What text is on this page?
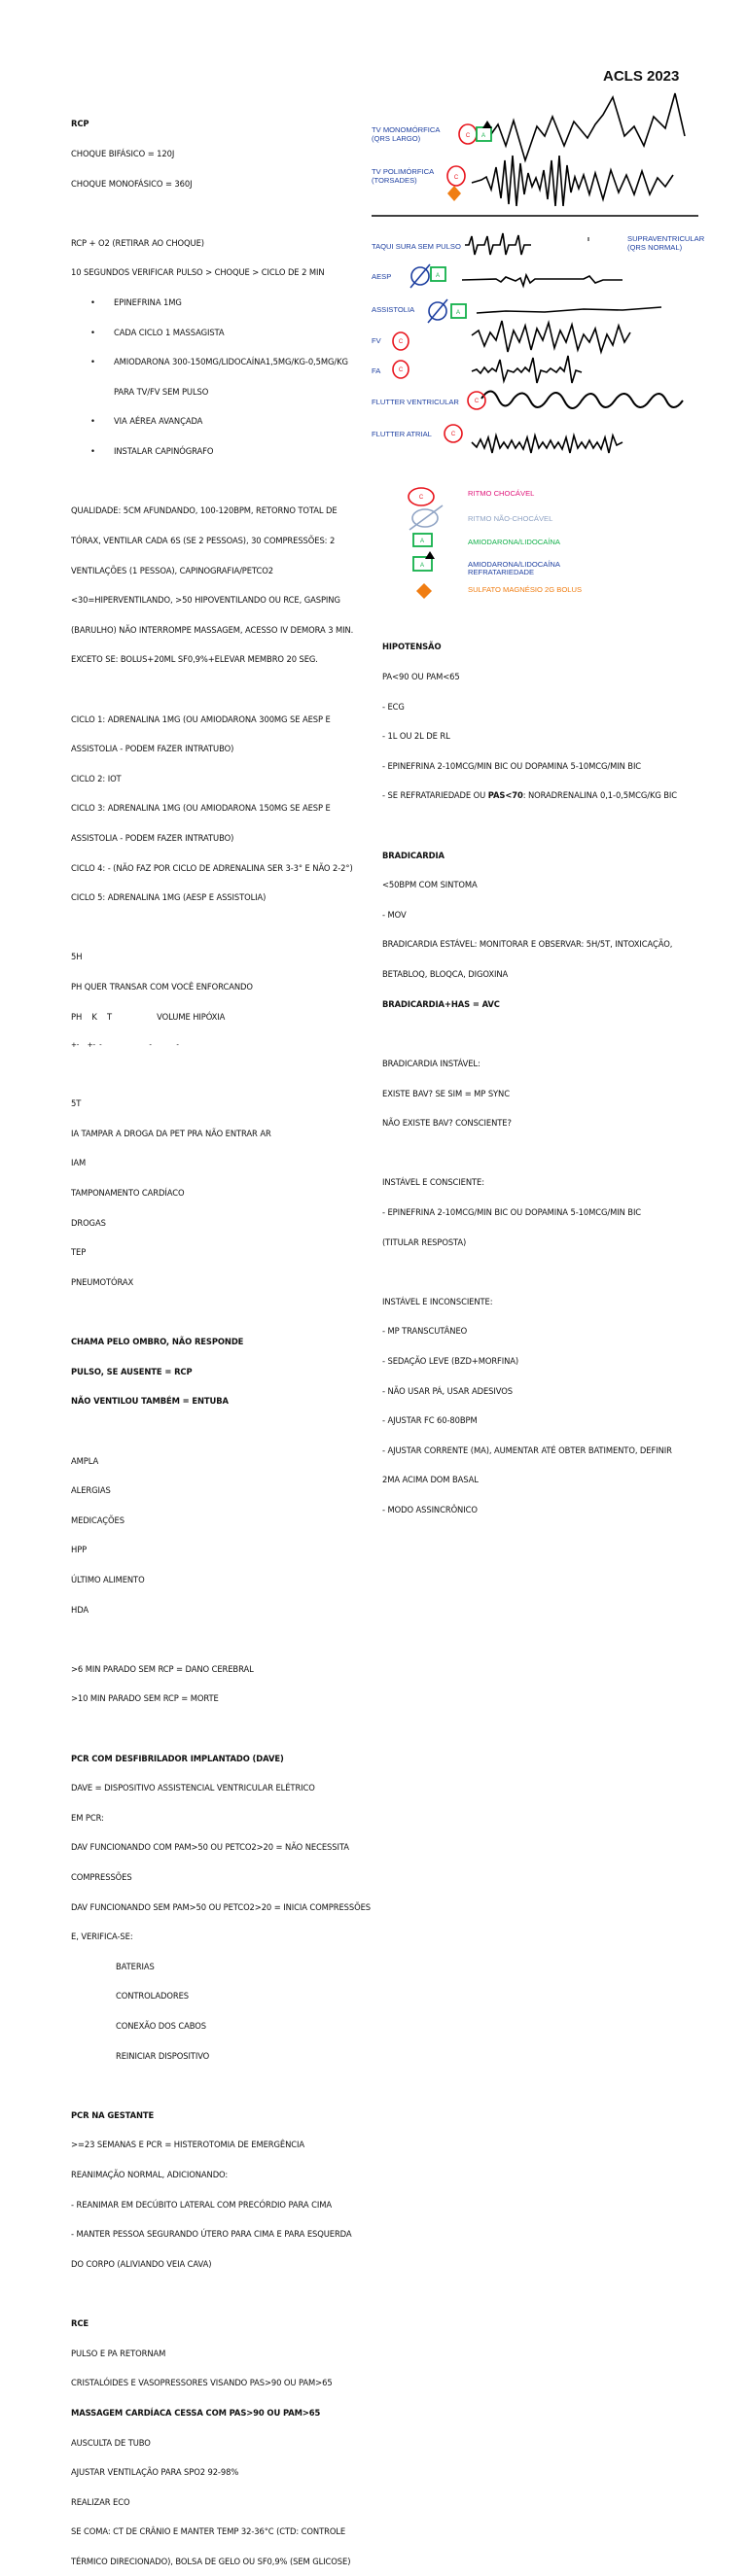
ACLS 2023

RCP

CHOQUE BIFÁSICO = 120J

CHOQUE MONOFÁSICO = 360J

RCP + O2 (RETIRAR AO CHOQUE)

10 SEGUNDOS VERIFICAR PULSO > CHOQUE > CICLO DE 2 MIN

• EPINEFRINA 1MG

• CADA CICLO 1 MASSAGISTA

• AMIODARONA 300-150MG/LIDOCAÍNA1,5MG/KG-0,5MG/KG

PARA TV/FV SEM PULSO

• VIA AÉREA AVANÇADA

• INSTALAR CAPINÓGRAFO

QUALIDADE: 5CM AFUNDANDO, 100-120BPM, RETORNO TOTAL DE

TÓRAX, VENTILAR CADA 6S (SE 2 PESSOAS), 30 COMPRESSÕES: 2

VENTILAÇÕES (1 PESSOA), CAPINOGRAFIA/PETCO2

<30=HIPERVENTILANDO, >50 HIPOVENTILANDO OU RCE, GASPING

(BARULHO) NÃO INTERROMPE MASSAGEM, ACESSO IV DEMORA 3 MIN.

EXCETO SE: BOLUS+20ML SF0,9%+ELEVAR MEMBRO 20 SEG.

CICLO 1: ADRENALINA 1MG (OU AMIODARONA 300MG SE AESP E

ASSISTOLIA - PODEM FAZER INTRATUBO)

CICLO 2: IOT

CICLO 3: ADRENALINA 1MG (OU AMIODARONA 150MG SE AESP E

ASSISTOLIA - PODEM FAZER INTRATUBO)

CICLO 4: - (NÃO FAZ POR CICLO DE ADRENALINA SER 3-3° E NÃO 2-2°)

CICLO 5: ADRENALINA 1MG (AESP E ASSISTOLIA)

5H

PH QUER TRANSAR COM VOCÊ ENFORCANDO

PH    K    T                  VOLUME HIPÓXIA

+-    +-  -                       -            -

5T

IA TAMPAR A DROGA DA PET PRA NÃO ENTRAR AR

IAM

TAMPONAMENTO CARDÍACO

DROGAS

TEP

PNEUMOTÓRAX

CHAMA PELO OMBRO, NÃO RESPONDE

PULSO, SE AUSENTE = RCP

NÃO VENTILOU TAMBÉM = ENTUBA

AMPLA

ALERGIAS

MEDICAÇÕES

HPP

ÚLTIMO ALIMENTO

HDA

>6 MIN PARADO SEM RCP = DANO CEREBRAL

>10 MIN PARADO SEM RCP = MORTE

PCR COM DESFIBRILADOR IMPLANTADO (DAVE)

DAVE = DISPOSITIVO ASSISTENCIAL VENTRICULAR ELÉTRICO

EM PCR:

DAV FUNCIONANDO COM PAM>50 OU PETCO2>20 = NÃO NECESSITA

COMPRESSÕES

DAV FUNCIONANDO SEM PAM>50 OU PETCO2>20 = INICIA COMPRESSÕES

E, VERIFICA-SE:

BATERIAS

CONTROLADORES

CONEXÃO DOS CABOS

REINICIAR DISPOSITIVO

PCR NA GESTANTE

>=23 SEMANAS E PCR = HISTEROTOMIA DE EMERGÊNCIA

REANIMAÇÃO NORMAL, ADICIONANDO:

- REANIMAR EM DECÚBITO LATERAL COM PRECÓRDIO PARA CIMA

- MANTER PESSOA SEGURANDO ÚTERO PARA CIMA E PARA ESQUERDA

DO CORPO (ALIVIANDO VEIA CAVA)

RCE

PULSO E PA RETORNAM

CRISTALÓIDES E VASOPRESSORES VISANDO PAS>90 OU PAM>65

MASSAGEM CARDÍACA CESSA COM PAS>90 OU PAM>65

AUSCULTA DE TUBO

AJUSTAR VENTILAÇÃO PARA SPO2 92-98%

REALIZAR ECO

SE COMA: CT DE CRÂNIO E MANTER TEMP 32-36°C (CTD: CONTROLE

TÉRMICO DIRECIONADO), BOLSA DE GELO OU SF0,9% (SEM GLICOSE)

HIPOTENSÃO

PA<90 OU PAM<65

- ECG

- 1L OU 2L DE RL

- EPINEFRINA 2-10MCG/MIN BIC OU DOPAMINA 5-10MCG/MIN BIC

- SE REFRATARIEDADE OU PAS<70: NORADRENALINA 0,1-0,5MCG/KG BIC

BRADICARDIA

<50BPM COM SINTOMA

- MOV

BRADICARDIA ESTÁVEL: MONITORAR E OBSERVAR: 5H/5T, INTOXICAÇÃO,

BETABLOQ, BLOQCA, DIGOXINA

BRADICARDIA+HAS = AVC

BRADICARDIA INSTÁVEL:

EXISTE BAV? SE SIM = MP SYNC

NÃO EXISTE BAV? CONSCIENTE?

INSTÁVEL E CONSCIENTE:

- EPINEFRINA 2-10MCG/MIN BIC OU DOPAMINA 5-10MCG/MIN BIC

(TITULAR RESPOSTA)

INSTÁVEL E INCONSCIENTE:

- MP TRANSCUTÂNEO

- SEDAÇÃO LEVE (BZD+MORFINA)

- NÃO USAR PÁ, USAR ADESIVOS

- AJUSTAR FC 60-80BPM

- AJUSTAR CORRENTE (MA), AUMENTAR ATÉ OBTER BATIMENTO, DEFINIR

2MA ACIMA DOM BASAL

- MODO ASSINCRÔNICO

TV MONOMÓRFICA
(QRS LARGO)
TV POLIMÓRFICA
(TORSADES)
TAQUI SURA SEM PULSO
SUPRAVENTRICULAR
(QRS NORMAL)
AESP
ASSISTOLIA
FV
FA
FLUTTER VENTRICULAR
FLUTTER ATRIAL
RITMO CHOCÁVEL
RITMO NÃO-CHOCÁVEL
AMIODARONA/LIDOCAÍNA
AMIODARONA/LIDOCAÍNA
REFRATARIEDADE
SULFATO MAGNÉSIO 2G BOLUS
C
C
C
C
C
C
C
A
A
A
A
A
